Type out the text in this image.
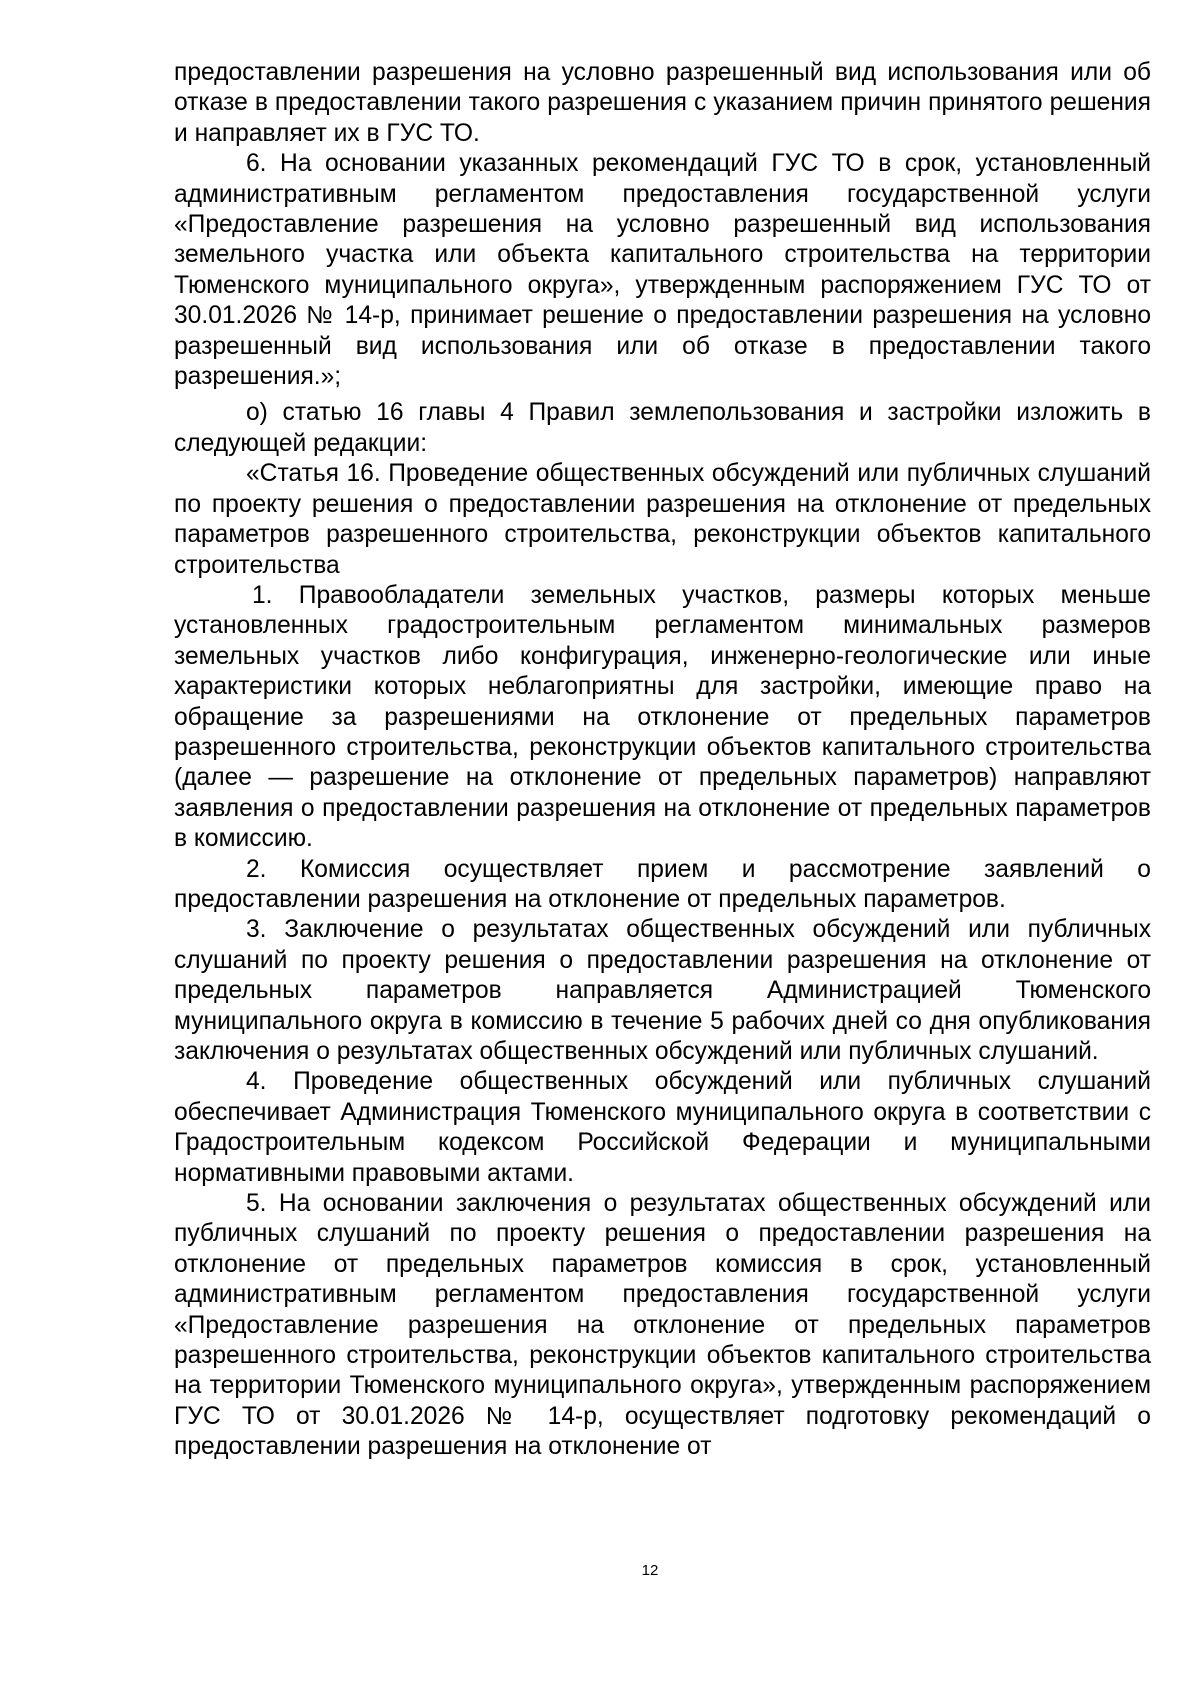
предоставлении разрешения на условно разрешенный вид использования или об отказе в предоставлении такого разрешения с указанием причин принятого решения и направляет их в ГУС ТО.

6. На основании указанных рекомендаций ГУС ТО в срок, установленный административным регламентом предоставления государственной услуги «Предоставление разрешения на условно разрешенный вид использования земельного участка или объекта капитального строительства на территории Тюменского муниципального округа», утвержденным распоряжением ГУС ТО от 30.01.2026 № 14-р, принимает решение о предоставлении разрешения на условно разрешенный вид использования или об отказе в предоставлении такого разрешения.»;

о) статью 16 главы 4 Правил землепользования и застройки изложить в следующей редакции:

«Статья 16. Проведение общественных обсуждений или публичных слушаний по проекту решения о предоставлении разрешения на отклонение от предельных параметров разрешенного строительства, реконструкции объектов капитального строительства

1. Правообладатели земельных участков, размеры которых меньше установленных градостроительным регламентом минимальных размеров земельных участков либо конфигурация, инженерно-геологические или иные характеристики которых неблагоприятны для застройки, имеющие право на обращение за разрешениями на отклонение от предельных параметров разрешенного строительства, реконструкции объектов капитального строительства (далее — разрешение на отклонение от предельных параметров) направляют заявления о предоставлении разрешения на отклонение от предельных параметров в комиссию.

2. Комиссия осуществляет прием и рассмотрение заявлений о предоставлении разрешения на отклонение от предельных параметров.

3. Заключение о результатах общественных обсуждений или публичных слушаний по проекту решения о предоставлении разрешения на отклонение от предельных параметров направляется Администрацией Тюменского муниципального округа в комиссию в течение 5 рабочих дней со дня опубликования заключения о результатах общественных обсуждений или публичных слушаний.

4. Проведение общественных обсуждений или публичных слушаний обеспечивает Администрация Тюменского муниципального округа в соответствии с Градостроительным кодексом Российской Федерации и муниципальными нормативными правовыми актами.

5. На основании заключения о результатах общественных обсуждений или публичных слушаний по проекту решения о предоставлении разрешения на отклонение от предельных параметров комиссия в срок, установленный административным регламентом предоставления государственной услуги «Предоставление разрешения на отклонение от предельных параметров разрешенного строительства, реконструкции объектов капитального строительства на территории Тюменского муниципального округа», утвержденным распоряжением ГУС ТО от 30.01.2026 № 14-р, осуществляет подготовку рекомендаций о предоставлении разрешения на отклонение от

12
